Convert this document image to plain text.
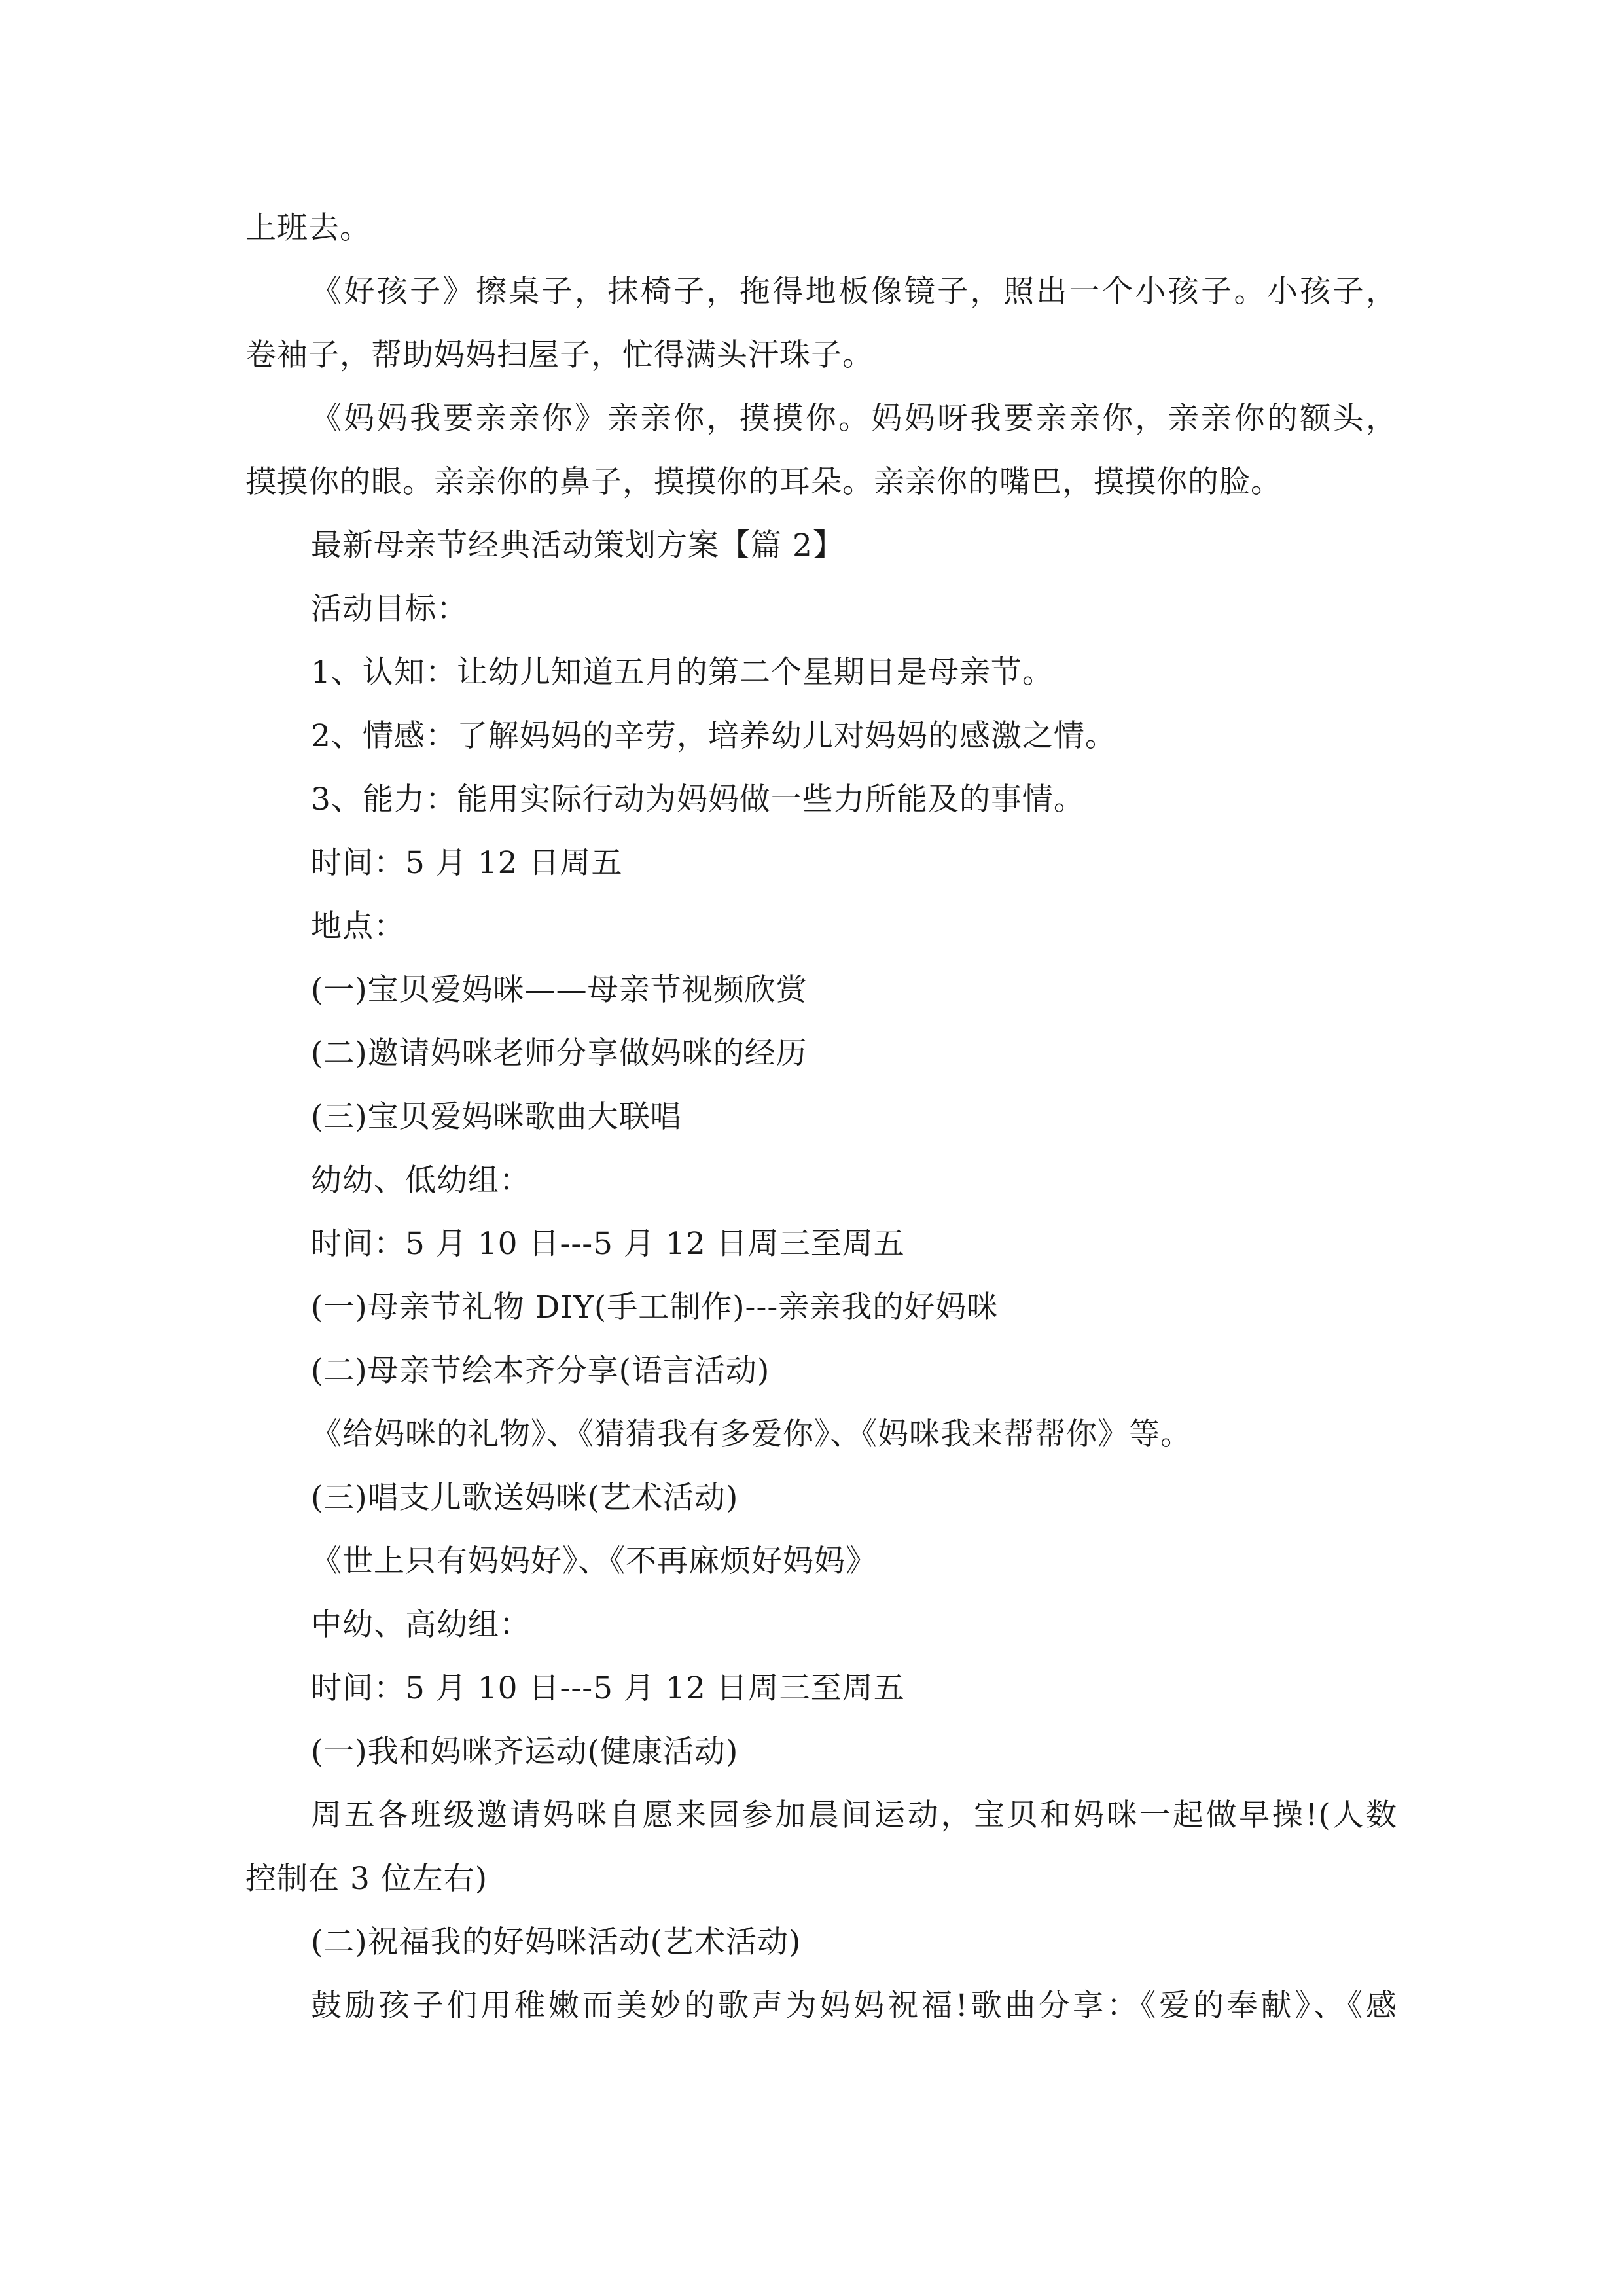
上班去。
《好孩子》擦桌子，抹椅子，拖得地板像镜子，照出一个小孩子。小孩子，
卷袖子，帮助妈妈扫屋子，忙得满头汗珠子。
《妈妈我要亲亲你》亲亲你，摸摸你。妈妈呀我要亲亲你，亲亲你的额头，
摸摸你的眼。亲亲你的鼻子，摸摸你的耳朵。亲亲你的嘴巴，摸摸你的脸。
最新母亲节经典活动策划方案【篇 2】
活动目标：
1、认知：让幼儿知道五月的第二个星期日是母亲节。
2、情感：了解妈妈的辛劳，培养幼儿对妈妈的感激之情。
3、能力：能用实际行动为妈妈做一些力所能及的事情。
时间：5 月 12 日周五
地点：
(一)宝贝爱妈咪——母亲节视频欣赏
(二)邀请妈咪老师分享做妈咪的经历
(三)宝贝爱妈咪歌曲大联唱
幼幼、低幼组：
时间：5 月 10 日---5 月 12 日周三至周五
(一)母亲节礼物 DIY(手工制作)---亲亲我的好妈咪
(二)母亲节绘本齐分享(语言活动)
《给妈咪的礼物》、《猜猜我有多爱你》、《妈咪我来帮帮你》等。
(三)唱支儿歌送妈咪(艺术活动)
《世上只有妈妈好》、《不再麻烦好妈妈》
中幼、高幼组：
时间：5 月 10 日---5 月 12 日周三至周五
(一)我和妈咪齐运动(健康活动)
周五各班级邀请妈咪自愿来园参加晨间运动，宝贝和妈咪一起做早操!(人数
控制在 3 位左右)
(二)祝福我的好妈咪活动(艺术活动)
鼓励孩子们用稚嫩而美妙的歌声为妈妈祝福!歌曲分享：《爱的奉献》、《感
